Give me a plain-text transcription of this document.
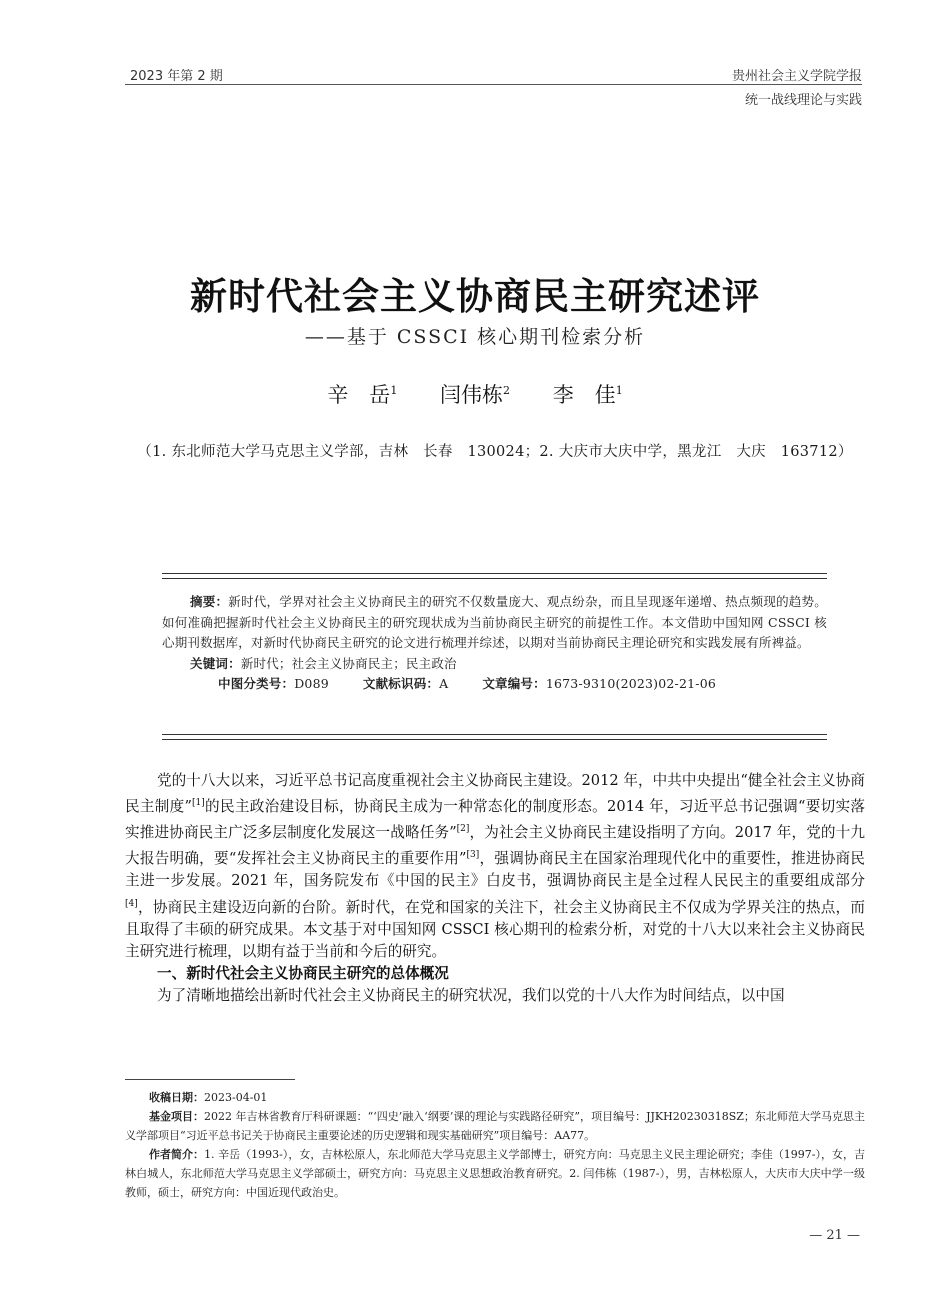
2023 年第 2 期	贵州社会主义学院学报
统一战线理论与实践
新时代社会主义协商民主研究述评
——基于 CSSCI 核心期刊检索分析
辛　岳$^1$ 闫伟栋$^2$ 李　佳$^1$
（1. 东北师范大学马克思主义学部，吉林　长春　130024；2. 大庆市大庆中学，黑龙江　大庆　163712）

摘要：新时代，学界对社会主义协商民主的研究不仅数量庞大、观点纷杂，而且呈现逐年递增、热点频现的趋势。如何准确把握新时代社会主义协商民主的研究现状成为当前协商民主研究的前提性工作。本文借助中国知网 CSSCI 核心期刊数据库，对新时代协商民主研究的论文进行梳理并综述，以期对当前协商民主理论研究和实践发展有所裨益。

关键词：新时代；社会主义协商民主；民主政治

中图分类号：D089	文献标识码：A	文章编号：1673-9310(2023)02-21-06

党的十八大以来，习近平总书记高度重视社会主义协商民主建设。2012 年，中共中央提出“健全社会主义协商民主制度”[1]的民主政治建设目标，协商民主成为一种常态化的制度形态。2014 年，习近平总书记强调“要切实落实推进协商民主广泛多层制度化发展这一战略任务”[2]，为社会主义协商民主建设指明了方向。2017 年，党的十九大报告明确，要“发挥社会主义协商民主的重要作用”[3]，强调协商民主在国家治理现代化中的重要性，推进协商民主进一步发展。2021 年，国务院发布《中国的民主》白皮书，强调协商民主是全过程人民民主的重要组成部分[4]，协商民主建设迈向新的台阶。新时代，在党和国家的关注下，社会主义协商民主不仅成为学界关注的热点，而且取得了丰硕的研究成果。本文基于对中国知网 CSSCI 核心期刊的检索分析，对党的十八大以来社会主义协商民主研究进行梳理，以期有益于当前和今后的研究。

一、新时代社会主义协商民主研究的总体概况

为了清晰地描绘出新时代社会主义协商民主的研究状况，我们以党的十八大作为时间结点，以中国

收稿日期：2023-04-01

基金项目：2022 年吉林省教育厅科研课题：“‘四史’融入‘纲要’课的理论与实践路径研究”，项目编号：JJKH20230318SZ；东北师范大学马克思主义学部项目“习近平总书记关于协商民主重要论述的历史逻辑和现实基础研究”项目编号：AA77。

作者简介：1. 辛岳（1993-），女，吉林松原人，东北师范大学马克思主义学部博士，研究方向：马克思主义民主理论研究；李佳（1997-），女，吉林白城人，东北师范大学马克思主义学部硕士，研究方向：马克思主义思想政治教育研究。2. 闫伟栋（1987-），男，吉林松原人，大庆市大庆中学一级教师，硕士，研究方向：中国近现代政治史。

— 21 —
